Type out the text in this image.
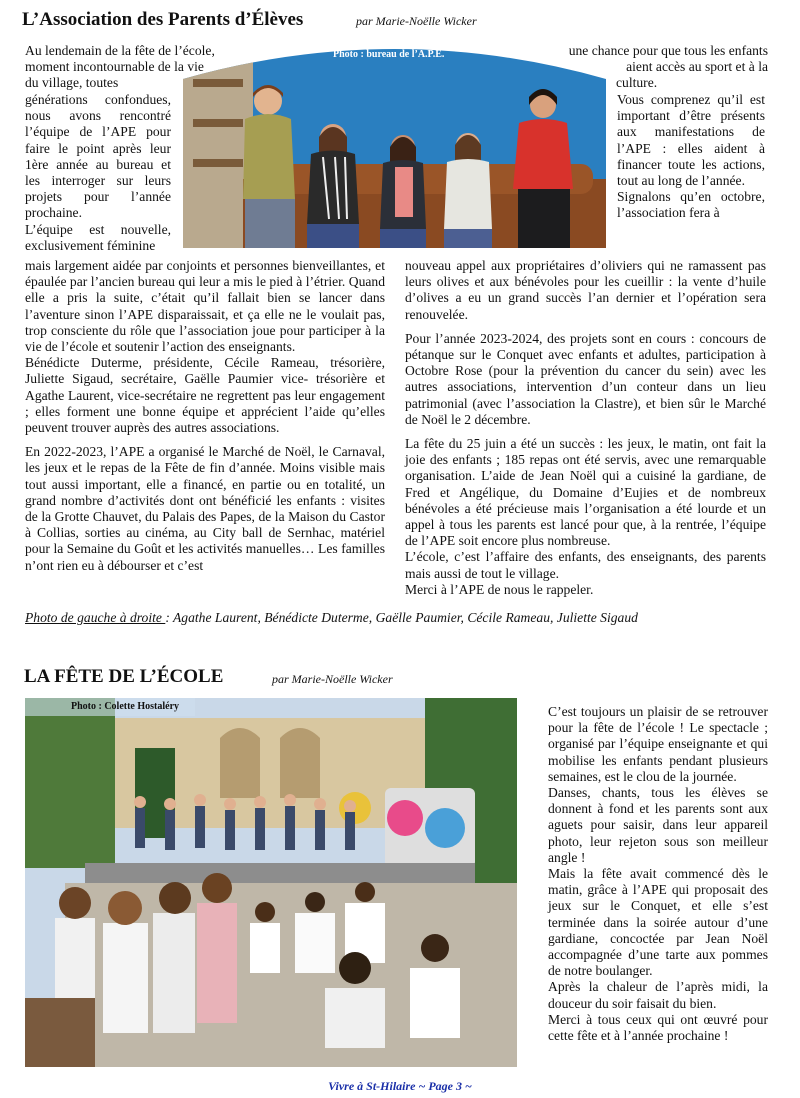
L’Association des Parents d’Élèves	par Marie-Noëlle Wicker
Au lendemain de la fête de l’école,
moment incontournable de la vie
du village, toutes
une chance pour que tous les enfants
aient accès au sport et à la
culture.
Photo : bureau de l’A.P.E.

générations confondues, nous avons rencontré l’équipe de l’APE pour faire le point après leur 1ère année au bureau et les interroger sur leurs projets pour l’année prochaine.

L’équipe est nouvelle, exclusivement féminine

Vous comprenez qu’il est important d’être présents aux manifestations de l’APE : elles aident à financer toute les actions, tout au long de l’année.

Signalons qu’en octobre, l’association fera à

mais largement aidée par conjoints et personnes bienveillantes, et épaulée par l’ancien bureau qui leur a mis le pied à l’étrier. Quand elle a pris la suite, c’était qu’il fallait bien se lancer dans l’aventure sinon l’APE disparaissait, et ça elle ne le voulait pas, trop consciente du rôle que l’association joue pour participer à la vie de l’école et soutenir l’action des enseignants.

Bénédicte Duterme, présidente, Cécile Rameau, trésorière, Juliette Sigaud, secrétaire, Gaëlle Paumier vice- trésorière et Agathe Laurent, vice-secrétaire ne regrettent pas leur engagement ; elles forment une bonne équipe et apprécient l’aide qu’elles peuvent trouver auprès des autres associations.

En 2022-2023, l’APE a organisé le Marché de Noël, le Carnaval, les jeux et le repas de la Fête de fin d’année. Moins visible mais tout aussi important, elle a financé, en partie ou en totalité, un grand nombre d’activités dont ont bénéficié les enfants : visites de la Grotte Chauvet, du Palais des Papes, de la Maison du Castor à Collias, sorties au cinéma, au City ball de Sernhac, matériel pour la Semaine du Goût et les activités manuelles… Les familles n’ont rien eu à débourser et c’est

nouveau appel aux propriétaires d’oliviers qui ne ramassent pas leurs olives et aux bénévoles pour les cueillir : la vente d’huile d’olives a eu un grand succès l’an dernier et l’opération sera renouvelée.

Pour l’année 2023-2024, des projets sont en cours : concours de pétanque sur le Conquet avec enfants et adultes, participation à Octobre Rose (pour la prévention du cancer du sein) avec les autres associations, intervention d’un conteur dans un lieu patrimonial (avec l’association la Clastre), et bien sûr le Marché de Noël le 2 décembre.

La fête du 25 juin a été un succès : les jeux, le matin, ont fait la joie des enfants ; 185 repas ont été servis, avec une remarquable organisation. L’aide de Jean Noël qui a cuisiné la gardiane, de Fred et Angélique, du Domaine d’Eujies et de nombreux bénévoles a été précieuse mais l’organisation a été lourde et un appel à tous les parents est lancé pour que, à la rentrée, l’équipe de l’APE soit encore plus nombreuse.

L’école, c’est l’affaire des enfants, des enseignants, des parents mais aussi de tout le village.

Merci à l’APE de nous le rappeler.

Photo de gauche à droite : Agathe Laurent, Bénédicte Duterme, Gaëlle Paumier, Cécile Rameau, Juliette Sigaud
LA FÊTE DE L’ÉCOLE	par Marie-Noëlle Wicker
Photo : Colette Hostaléry	C’est toujours un plaisir de se retrouver pour la fête de l’école ! Le spectacle ; organisé par l’équipe enseignante et qui mobilise les enfants pendant plusieurs semaines, est le clou de la journée.

Danses, chants, tous les élèves se donnent à fond et les parents sont aux aguets pour saisir, dans leur appareil photo, leur rejeton sous son meilleur angle !

Mais la fête avait commencé dès le matin, grâce à l’APE qui proposait des jeux sur le Conquet, et elle s’est terminée dans la soirée autour d’une gardiane, concoctée par Jean Noël accompagnée d’une tarte aux pommes de notre boulanger.

Après la chaleur de l’après midi, la douceur du soir faisait du bien.

Merci à tous ceux qui ont œuvré pour cette fête et à l’année prochaine !

Vivre à St-Hilaire ~ Page 3 ~
